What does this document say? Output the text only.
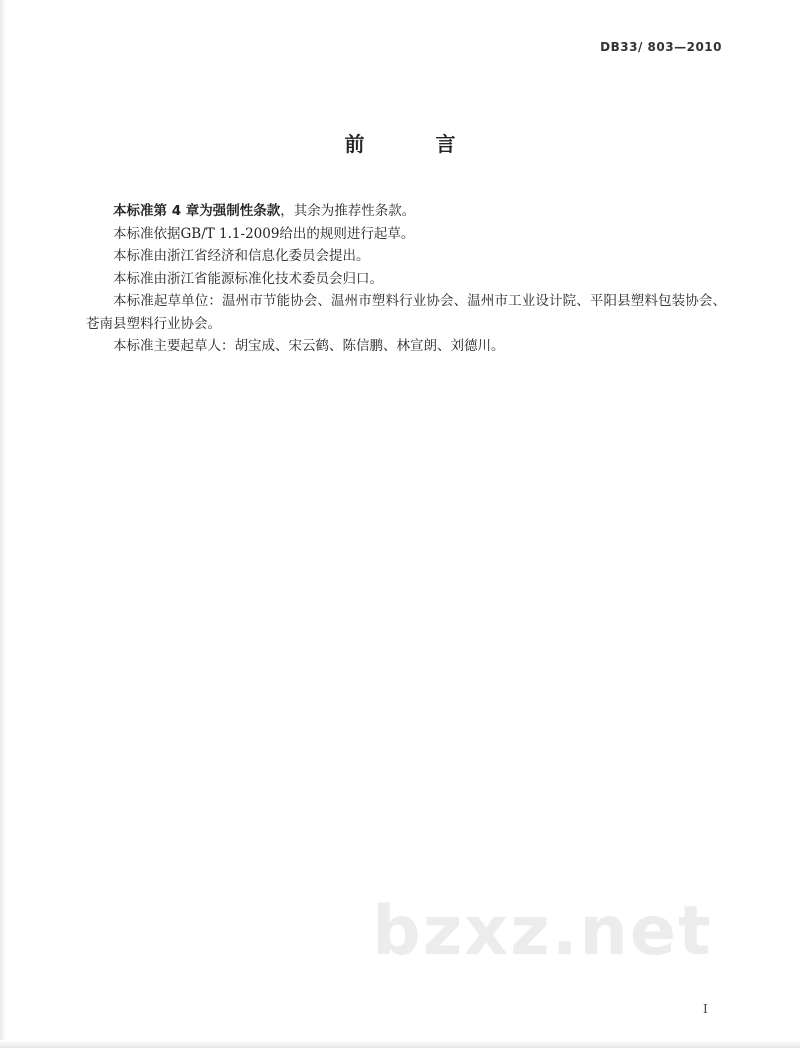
DB33/ 803—2010
前 言

本标准第 4 章为强制性条款，其余为推荐性条款。

本标准依据GB/T 1.1-2009给出的规则进行起草。

本标准由浙江省经济和信息化委员会提出。

本标准由浙江省能源标准化技术委员会归口。

本标准起草单位：温州市节能协会、温州市塑料行业协会、温州市工业设计院、平阳县塑料包装协会、苍南县塑料行业协会。

本标准主要起草人：胡宝成、宋云鹤、陈信鹏、林宣朗、刘德川。

bzxz.net
I
